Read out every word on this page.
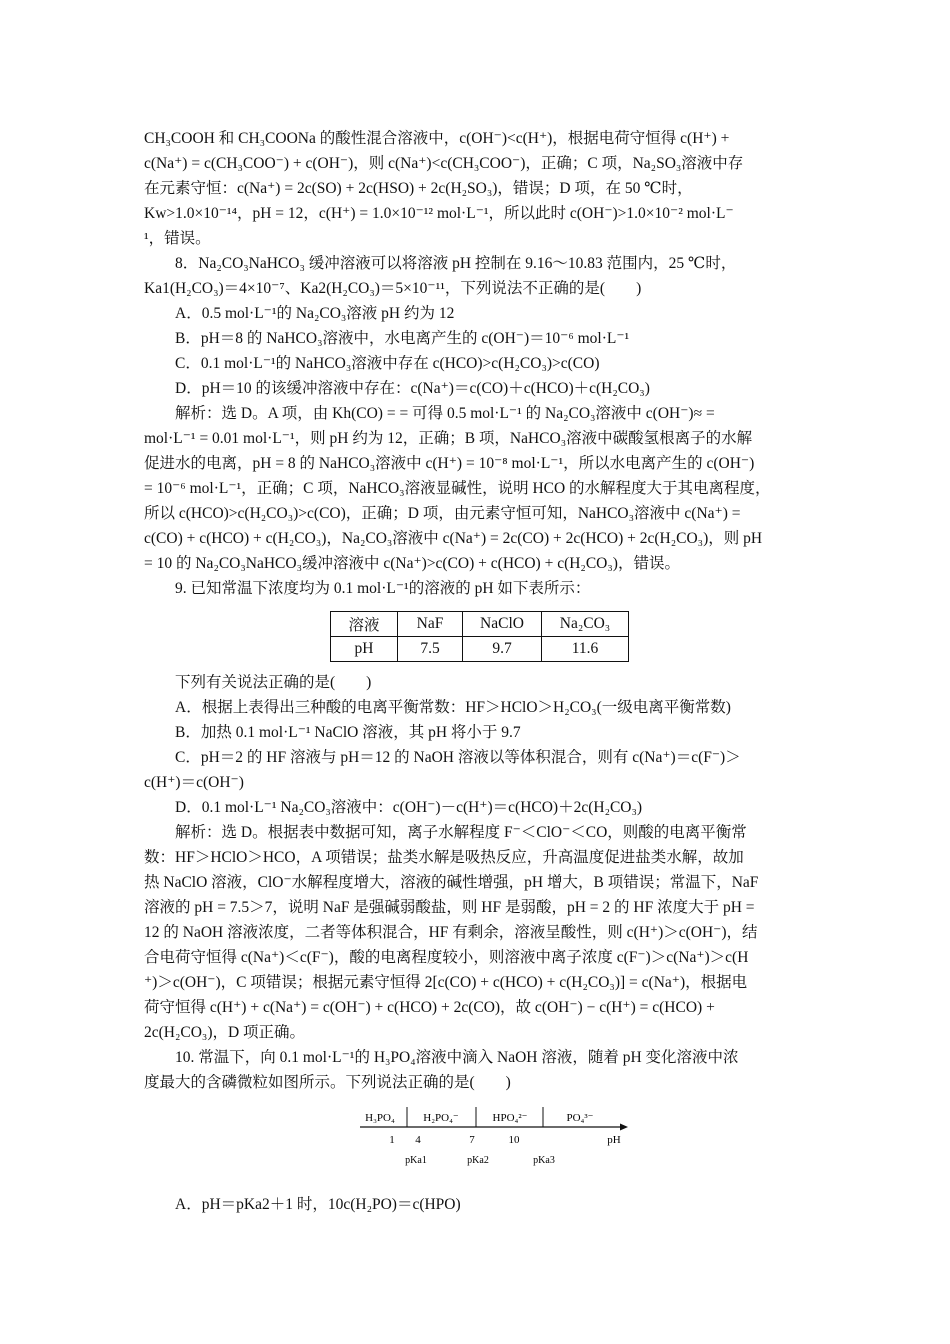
CH₃COOH 和 CH₃COONa 的酸性混合溶液中，c(OH⁻)<c(H⁺)，根据电荷守恒得 c(H⁺) +
c(Na⁺) = c(CH₃COO⁻) + c(OH⁻)，则 c(Na⁺)<c(CH₃COO⁻)，正确；C 项，Na₂SO₃溶液中存
在元素守恒：c(Na⁺) = 2c(SO) + 2c(HSO) + 2c(H₂SO₃)，错误；D 项，在 50 ℃时，
Kw>1.0×10⁻¹⁴，pH = 12，c(H⁺) = 1.0×10⁻¹² mol·L⁻¹，所以此时 c(OH⁻)>1.0×10⁻² mol·L⁻
¹，错误。
8．Na₂CO₃NaHCO₃ 缓冲溶液可以将溶液 pH 控制在 9.16～10.83 范围内，25 ℃时，
Ka1(H₂CO₃)＝4×10⁻⁷、Ka2(H₂CO₃)＝5×10⁻¹¹，下列说法不正确的是(　　)
A．0.5 mol·L⁻¹的 Na₂CO₃溶液 pH 约为 12
B．pH＝8 的 NaHCO₃溶液中，水电离产生的 c(OH⁻)＝10⁻⁶ mol·L⁻¹
C．0.1 mol·L⁻¹的 NaHCO₃溶液中存在 c(HCO)>c(H₂CO₃)>c(CO)
D．pH＝10 的该缓冲溶液中存在：c(Na⁺)＝c(CO)＋c(HCO)＋c(H₂CO₃)
解析：选 D。A 项，由 Kh(CO) = = 可得 0.5 mol·L⁻¹ 的 Na₂CO₃溶液中 c(OH⁻)≈ =
mol·L⁻¹ = 0.01 mol·L⁻¹，则 pH 约为 12，正确；B 项，NaHCO₃溶液中碳酸氢根离子的水解
促进水的电离，pH = 8 的 NaHCO₃溶液中 c(H⁺) = 10⁻⁸ mol·L⁻¹，所以水电离产生的 c(OH⁻)
= 10⁻⁶ mol·L⁻¹，正确；C 项，NaHCO₃溶液显碱性，说明 HCO 的水解程度大于其电离程度，
所以 c(HCO)>c(H₂CO₃)>c(CO)，正确；D 项，由元素守恒可知，NaHCO₃溶液中 c(Na⁺) =
c(CO) + c(HCO) + c(H₂CO₃)，Na₂CO₃溶液中 c(Na⁺) = 2c(CO) + 2c(HCO) + 2c(H₂CO₃)，则 pH
= 10 的 Na₂CO₃NaHCO₃缓冲溶液中 c(Na⁺)>c(CO) + c(HCO) + c(H₂CO₃)，错误。
9. 已知常温下浓度均为 0.1 mol·L⁻¹的溶液的 pH 如下表所示：
溶液	NaF	NaClO	Na₂CO₃
pH	7.5	9.7	11.6
下列有关说法正确的是(　　)
A．根据上表得出三种酸的电离平衡常数：HF＞HClO＞H₂CO₃(一级电离平衡常数)
B．加热 0.1 mol·L⁻¹ NaClO 溶液，其 pH 将小于 9.7
C．pH＝2 的 HF 溶液与 pH＝12 的 NaOH 溶液以等体积混合，则有 c(Na⁺)＝c(F⁻)＞
c(H⁺)＝c(OH⁻)
D．0.1 mol·L⁻¹ Na₂CO₃溶液中：c(OH⁻)－c(H⁺)＝c(HCO)＋2c(H₂CO₃)
解析：选 D。根据表中数据可知，离子水解程度 F⁻＜ClO⁻＜CO，则酸的电离平衡常
数：HF＞HClO＞HCO，A 项错误；盐类水解是吸热反应，升高温度促进盐类水解，故加
热 NaClO 溶液，ClO⁻水解程度增大，溶液的碱性增强，pH 增大，B 项错误；常温下，NaF
溶液的 pH = 7.5＞7，说明 NaF 是强碱弱酸盐，则 HF 是弱酸，pH = 2 的 HF 浓度大于 pH =
12 的 NaOH 溶液浓度，二者等体积混合，HF 有剩余，溶液呈酸性，则 c(H⁺)＞c(OH⁻)，结
合电荷守恒得 c(Na⁺)＜c(F⁻)，酸的电离程度较小，则溶液中离子浓度 c(F⁻)＞c(Na⁺)＞c(H
⁺)＞c(OH⁻)，C 项错误；根据元素守恒得 2[c(CO) + c(HCO) + c(H₂CO₃)] = c(Na⁺)，根据电
荷守恒得 c(H⁺) + c(Na⁺) = c(OH⁻) + c(HCO) + 2c(CO)，故 c(OH⁻) − c(H⁺) = c(HCO) +
2c(H₂CO₃)，D 项正确。
10. 常温下，向 0.1 mol·L⁻¹的 H₃PO₄溶液中滴入 NaOH 溶液，随着 pH 变化溶液中浓
度最大的含磷微粒如图所示。下列说法正确的是(　　)
H₃PO₄	H₂PO₄⁻	HPO₄²⁻	PO₄³⁻
1 4	7	10	pH
pKa1	pKa2	pKa3
A．pH＝pKa2＋1 时，10c(H₂PO)＝c(HPO)
